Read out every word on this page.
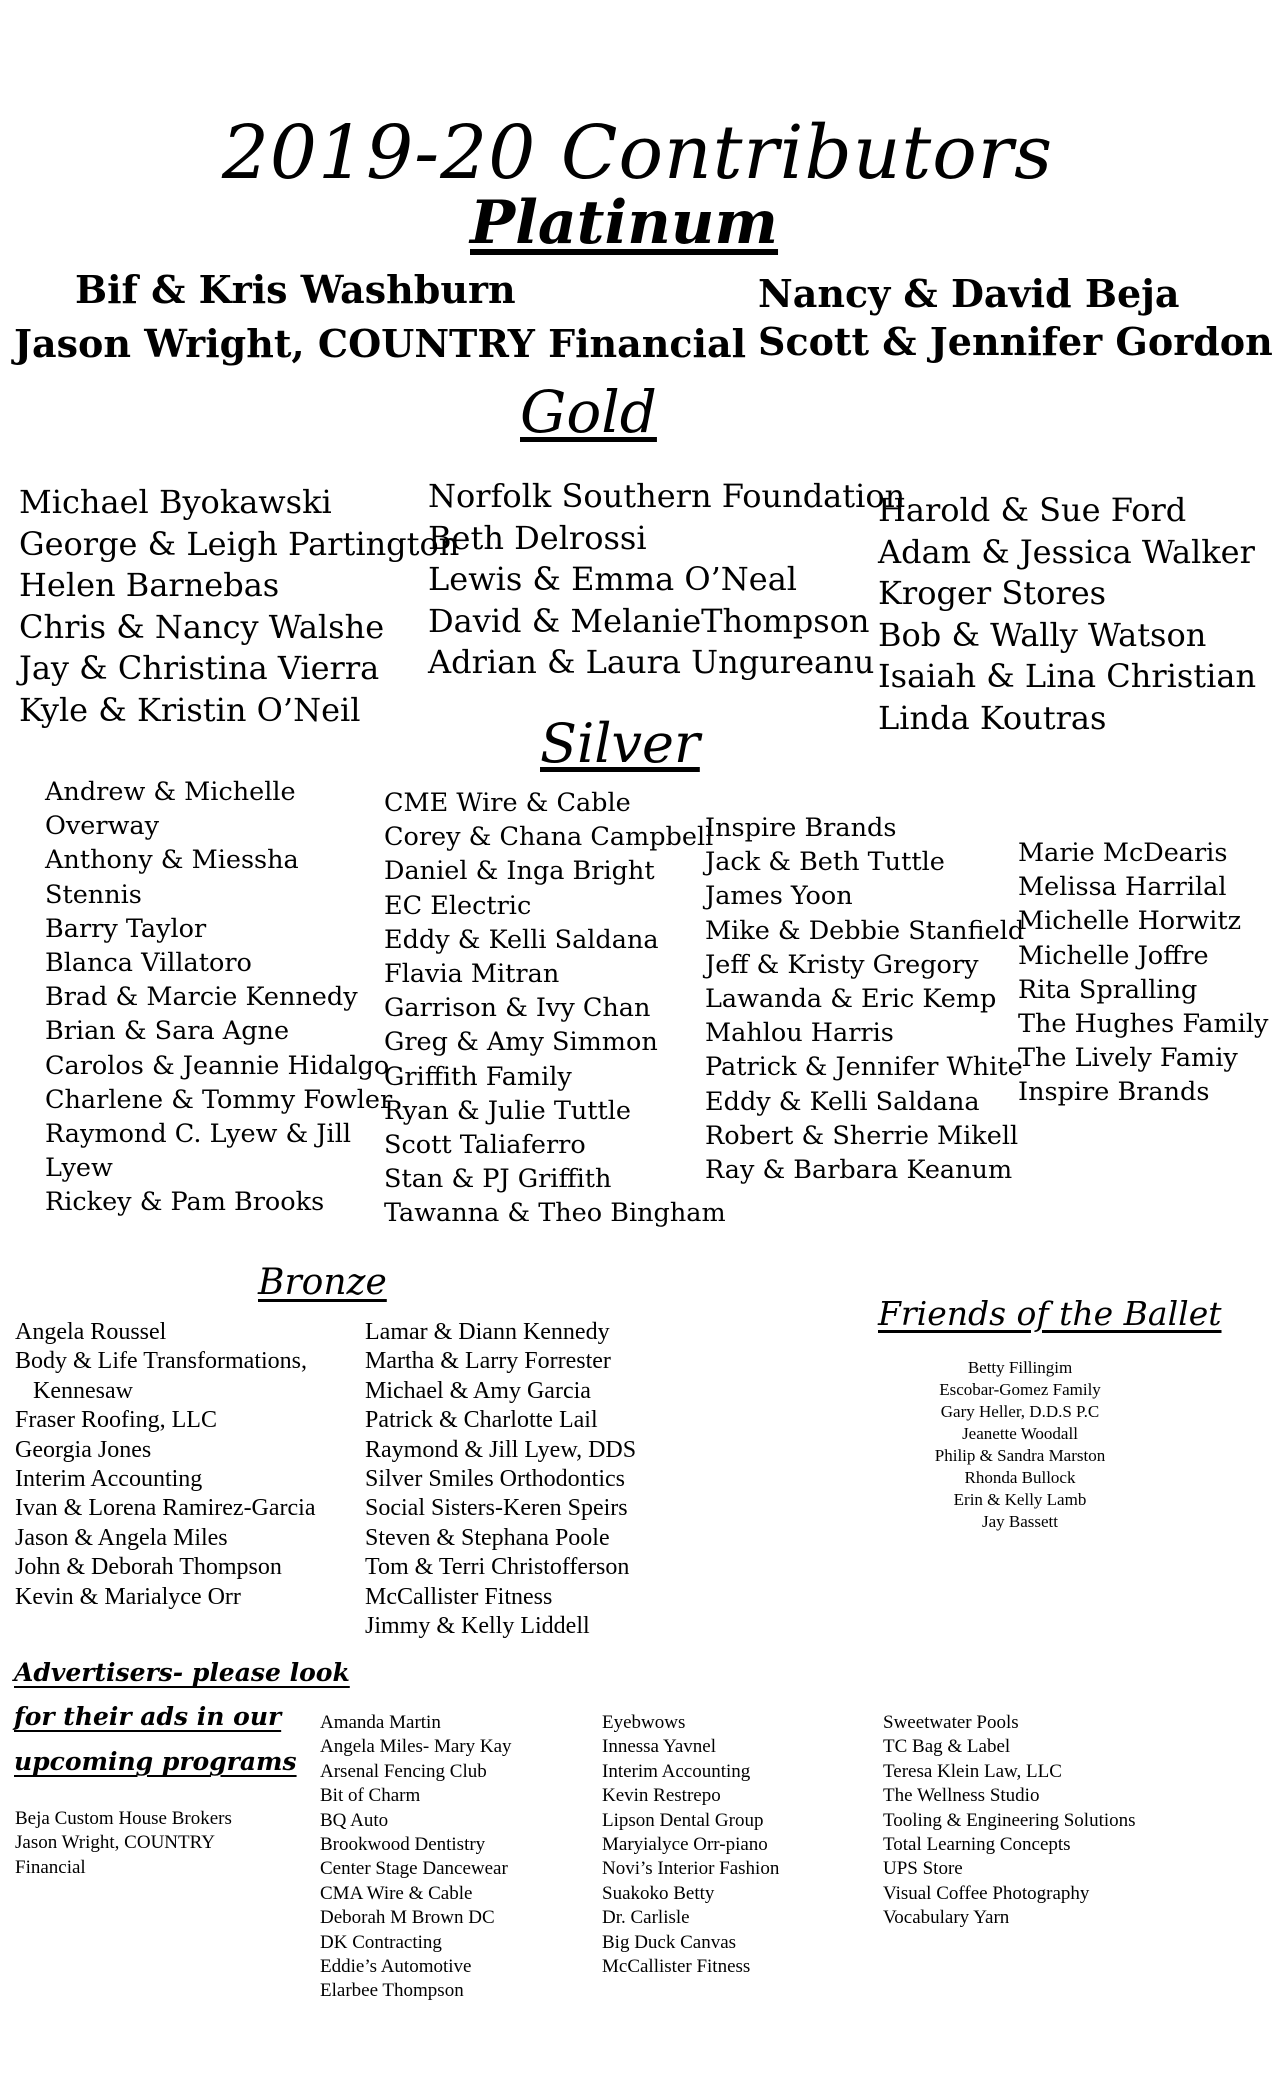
2019-20 Contributors
Platinum
Bif & Kris Washburn
Jason Wright, COUNTRY Financial
Nancy & David Beja
Scott & Jennifer Gordon
Gold
Michael Byokawski
George & Leigh Partington
Helen Barnebas
Chris & Nancy Walshe
Jay & Christina Vierra
Kyle & Kristin O’Neil
Norfolk Southern Foundation
Beth Delrossi
Lewis & Emma O’Neal
David & MelanieThompson
Adrian & Laura Ungureanu
Harold & Sue Ford
Adam & Jessica Walker
Kroger Stores
Bob & Wally Watson
Isaiah & Lina Christian
Linda Koutras
Silver
Andrew & Michelle
Overway
Anthony & Miessha
Stennis
Barry Taylor
Blanca Villatoro
Brad & Marcie Kennedy
Brian & Sara Agne
Carolos & Jeannie Hidalgo
Charlene & Tommy Fowler
Raymond C. Lyew & Jill
Lyew
Rickey & Pam Brooks
CME Wire & Cable
Corey & Chana Campbell
Daniel & Inga Bright
EC Electric
Eddy & Kelli Saldana
Flavia Mitran
Garrison & Ivy Chan
Greg & Amy Simmon
Griffith Family
Ryan & Julie Tuttle
Scott Taliaferro
Stan & PJ Griffith
Tawanna & Theo Bingham
Inspire Brands
Jack & Beth Tuttle
James Yoon
Mike & Debbie Stanfield
Jeff & Kristy Gregory
Lawanda & Eric Kemp
Mahlou Harris
Patrick & Jennifer White
Eddy & Kelli Saldana
Robert & Sherrie Mikell
Ray & Barbara Keanum
Marie McDearis
Melissa Harrilal
Michelle Horwitz
Michelle Joffre
Rita Spralling
The Hughes Family
The Lively Famiy
Inspire Brands
Bronze
Angela Roussel
Body & Life Transformations,
Kennesaw
Fraser Roofing, LLC
Georgia Jones
Interim Accounting
Ivan & Lorena Ramirez-Garcia
Jason & Angela Miles
John & Deborah Thompson
Kevin & Marialyce Orr
Lamar & Diann Kennedy
Martha & Larry Forrester
Michael & Amy Garcia
Patrick & Charlotte Lail
Raymond & Jill Lyew, DDS
Silver Smiles Orthodontics
Social Sisters-Keren Speirs
Steven & Stephana Poole
Tom & Terri Christofferson
McCallister Fitness
Jimmy & Kelly Liddell
Friends of the Ballet
Betty Fillingim
Escobar-Gomez Family
Gary Heller, D.D.S P.C
Jeanette Woodall
Philip & Sandra Marston
Rhonda Bullock
Erin & Kelly Lamb
Jay Bassett
Advertisers- please look
for their ads in our
upcoming programs
Beja Custom House Brokers
Jason Wright, COUNTRY
Financial
Amanda Martin
Angela Miles- Mary Kay
Arsenal Fencing Club
Bit of Charm
BQ Auto
Brookwood Dentistry
Center Stage Dancewear
CMA Wire & Cable
Deborah M Brown DC
DK Contracting
Eddie’s Automotive
Elarbee Thompson
Eyebwows
Innessa Yavnel
Interim Accounting
Kevin Restrepo
Lipson Dental Group
Maryialyce Orr-piano
Novi’s Interior Fashion
Suakoko Betty
Dr. Carlisle
Big Duck Canvas
McCallister Fitness
Sweetwater Pools
TC Bag & Label
Teresa Klein Law, LLC
The Wellness Studio
Tooling & Engineering Solutions
Total Learning Concepts
UPS Store
Visual Coffee Photography
Vocabulary Yarn
